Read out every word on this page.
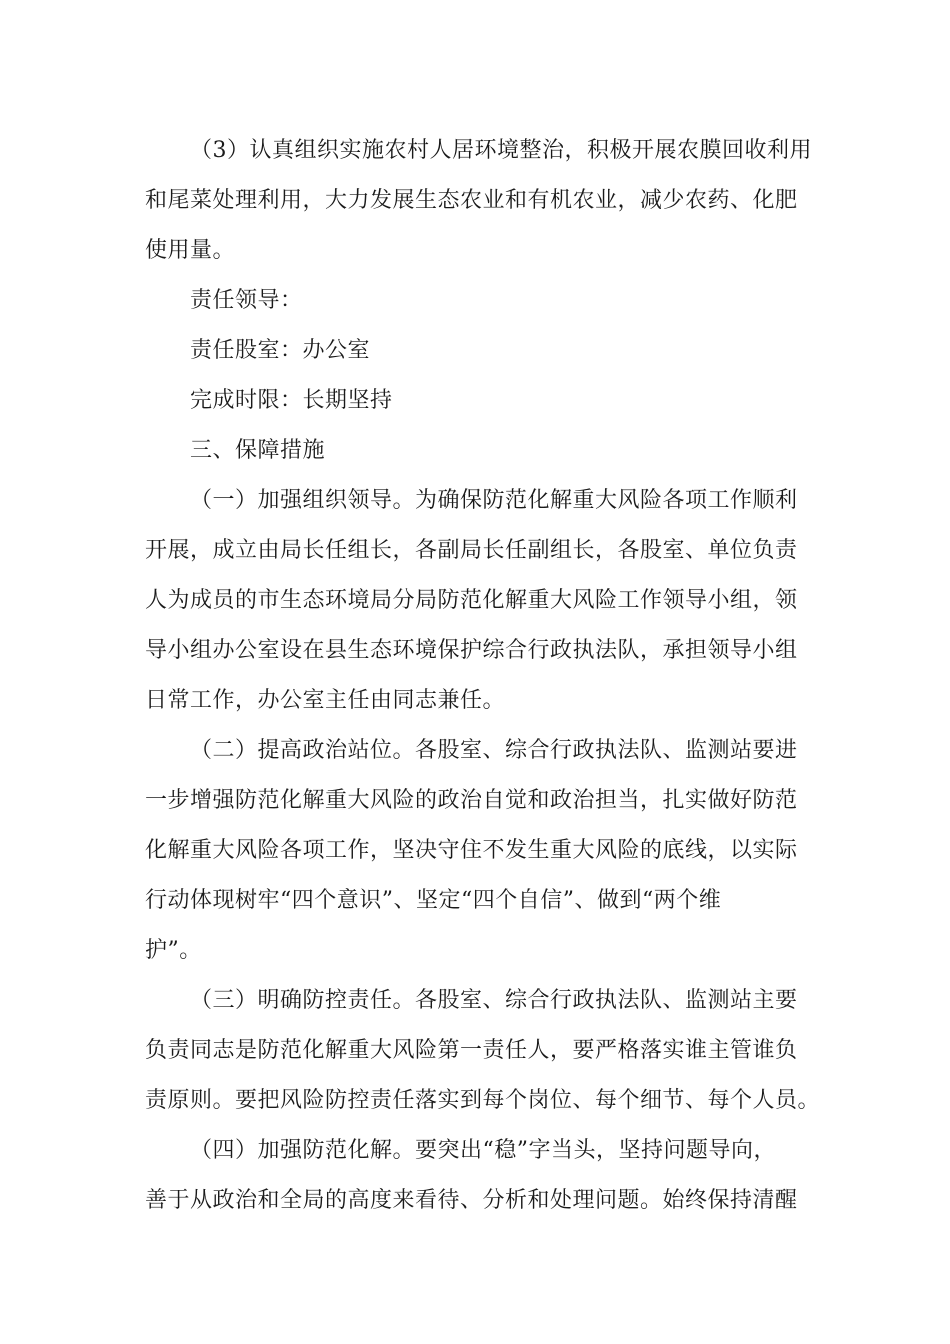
（3）认真组织实施农村人居环境整治，积极开展农膜回收利用
和尾菜处理利用，大力发展生态农业和有机农业，减少农药、化肥
使用量。
责任领导：
责任股室：办公室
完成时限：长期坚持
三、保障措施
（一）加强组织领导。为确保防范化解重大风险各项工作顺利
开展，成立由局长任组长，各副局长任副组长，各股室、单位负责
人为成员的市生态环境局分局防范化解重大风险工作领导小组，领
导小组办公室设在县生态环境保护综合行政执法队，承担领导小组
日常工作，办公室主任由同志兼任。
（二）提高政治站位。各股室、综合行政执法队、监测站要进
一步增强防范化解重大风险的政治自觉和政治担当，扎实做好防范
化解重大风险各项工作，坚决守住不发生重大风险的底线，以实际
行动体现树牢“四个意识”、坚定“四个自信”、做到“两个维
护”。
（三）明确防控责任。各股室、综合行政执法队、监测站主要
负责同志是防范化解重大风险第一责任人，要严格落实谁主管谁负
责原则。要把风险防控责任落实到每个岗位、每个细节、每个人员。
（四）加强防范化解。要突出“稳”字当头，坚持问题导向，
善于从政治和全局的高度来看待、分析和处理问题。始终保持清醒
